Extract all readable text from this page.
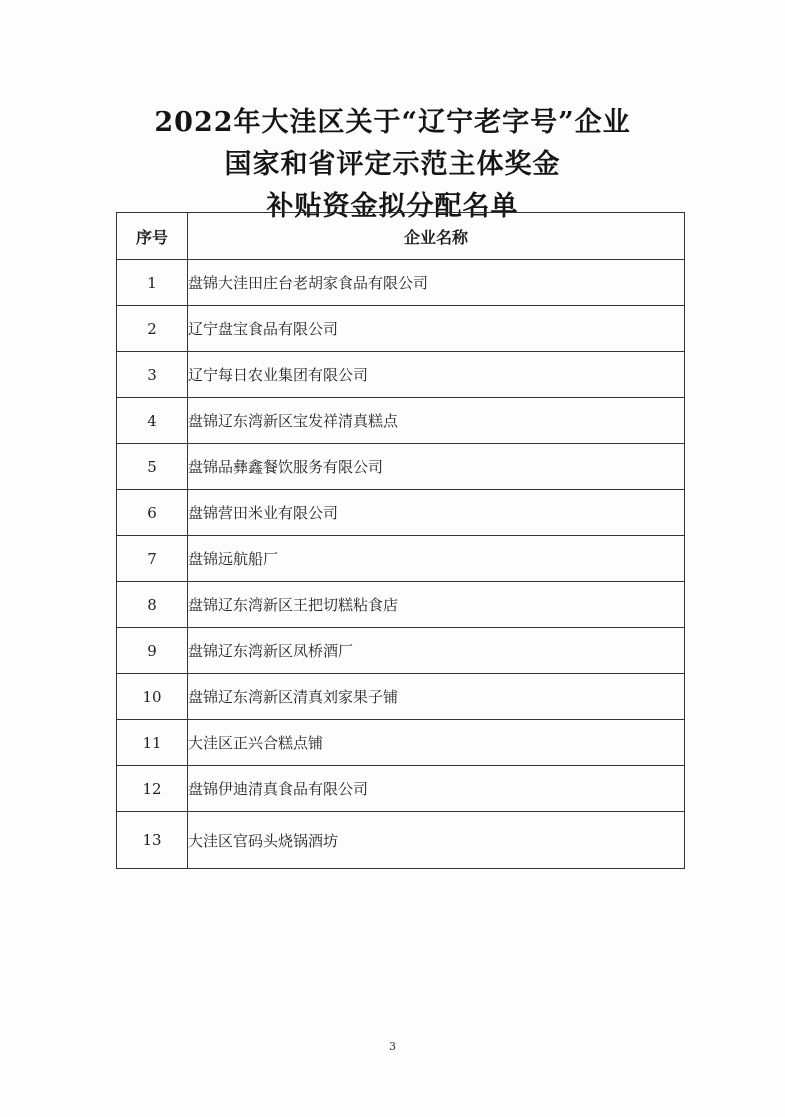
2022年大洼区关于“辽宁老字号”企业
国家和省评定示范主体奖金
补贴资金拟分配名单
序号	企业名称
1	盘锦大洼田庄台老胡家食品有限公司
2	辽宁盘宝食品有限公司
3	辽宁每日农业集团有限公司
4	盘锦辽东湾新区宝发祥清真糕点
5	盘锦品彝鑫餐饮服务有限公司
6	盘锦营田米业有限公司
7	盘锦远航船厂
8	盘锦辽东湾新区王把切糕粘食店
9	盘锦辽东湾新区凤桥酒厂
10	盘锦辽东湾新区清真刘家果子铺
11	大洼区正兴合糕点铺
12	盘锦伊迪清真食品有限公司
13	大洼区官码头烧锅酒坊
3
